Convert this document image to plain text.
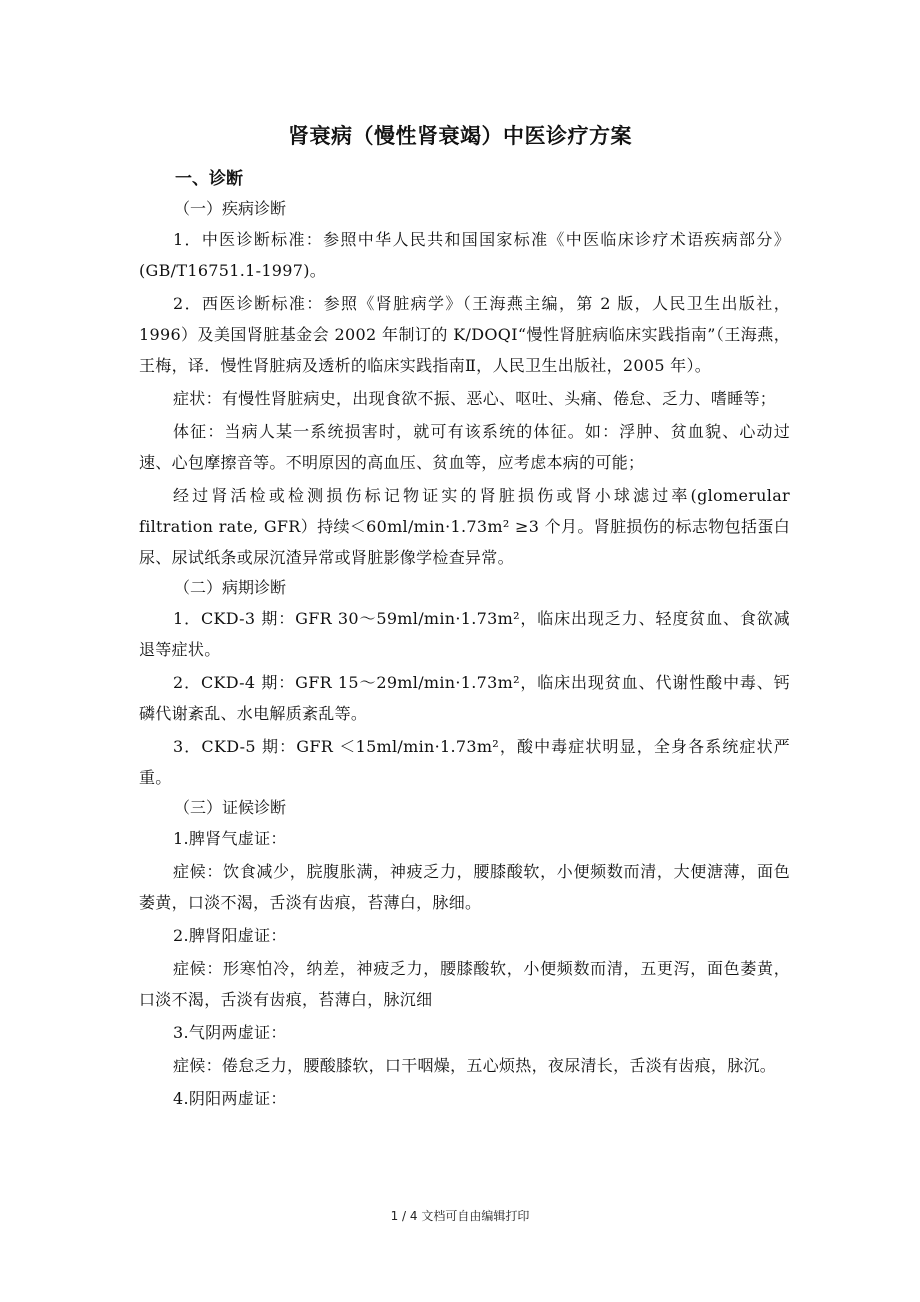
肾衰病（慢性肾衰竭）中医诊疗方案
一、诊断
（一）疾病诊断

1．中医诊断标准：参照中华人民共和国国家标准《中医临床诊疗术语疾病部分》(GB/T16751.1-1997)。

2．西医诊断标准：参照《肾脏病学》（王海燕主编，第 2 版，人民卫生出版社，1996）及美国肾脏基金会 2002 年制订的 K/DOQI“慢性肾脏病临床实践指南”（王海燕，王梅，译．慢性肾脏病及透析的临床实践指南Ⅱ，人民卫生出版社，2005 年）。

症状：有慢性肾脏病史，出现食欲不振、恶心、呕吐、头痛、倦怠、乏力、嗜睡等；

体征：当病人某一系统损害时，就可有该系统的体征。如：浮肿、贫血貌、心动过速、心包摩擦音等。不明原因的高血压、贫血等，应考虑本病的可能；

经过肾活检或检测损伤标记物证实的肾脏损伤或肾小球滤过率(glomerular filtration rate, GFR）持续＜60ml/min·1.73m² ≥3 个月。肾脏损伤的标志物包括蛋白尿、尿试纸条或尿沉渣异常或肾脏影像学检查异常。

（二）病期诊断

1．CKD-3 期：GFR 30～59ml/min·1.73m²，临床出现乏力、轻度贫血、食欲减退等症状。

2．CKD-4 期：GFR 15～29ml/min·1.73m²，临床出现贫血、代谢性酸中毒、钙磷代谢紊乱、水电解质紊乱等。

3．CKD-5 期：GFR ＜15ml/min·1.73m²，酸中毒症状明显，全身各系统症状严重。

（三）证候诊断

1.脾肾气虚证：

症候：饮食减少，脘腹胀满，神疲乏力，腰膝酸软，小便频数而清，大便溏薄，面色萎黄，口淡不渴，舌淡有齿痕，苔薄白，脉细。

2.脾肾阳虚证：

症候：形寒怕冷，纳差，神疲乏力，腰膝酸软，小便频数而清，五更泻，面色萎黄，口淡不渴，舌淡有齿痕，苔薄白，脉沉细

3.气阴两虚证：

症候：倦怠乏力，腰酸膝软，口干咽燥，五心烦热，夜尿清长，舌淡有齿痕，脉沉。

4.阴阳两虚证：

1 / 4 文档可自由编辑打印
